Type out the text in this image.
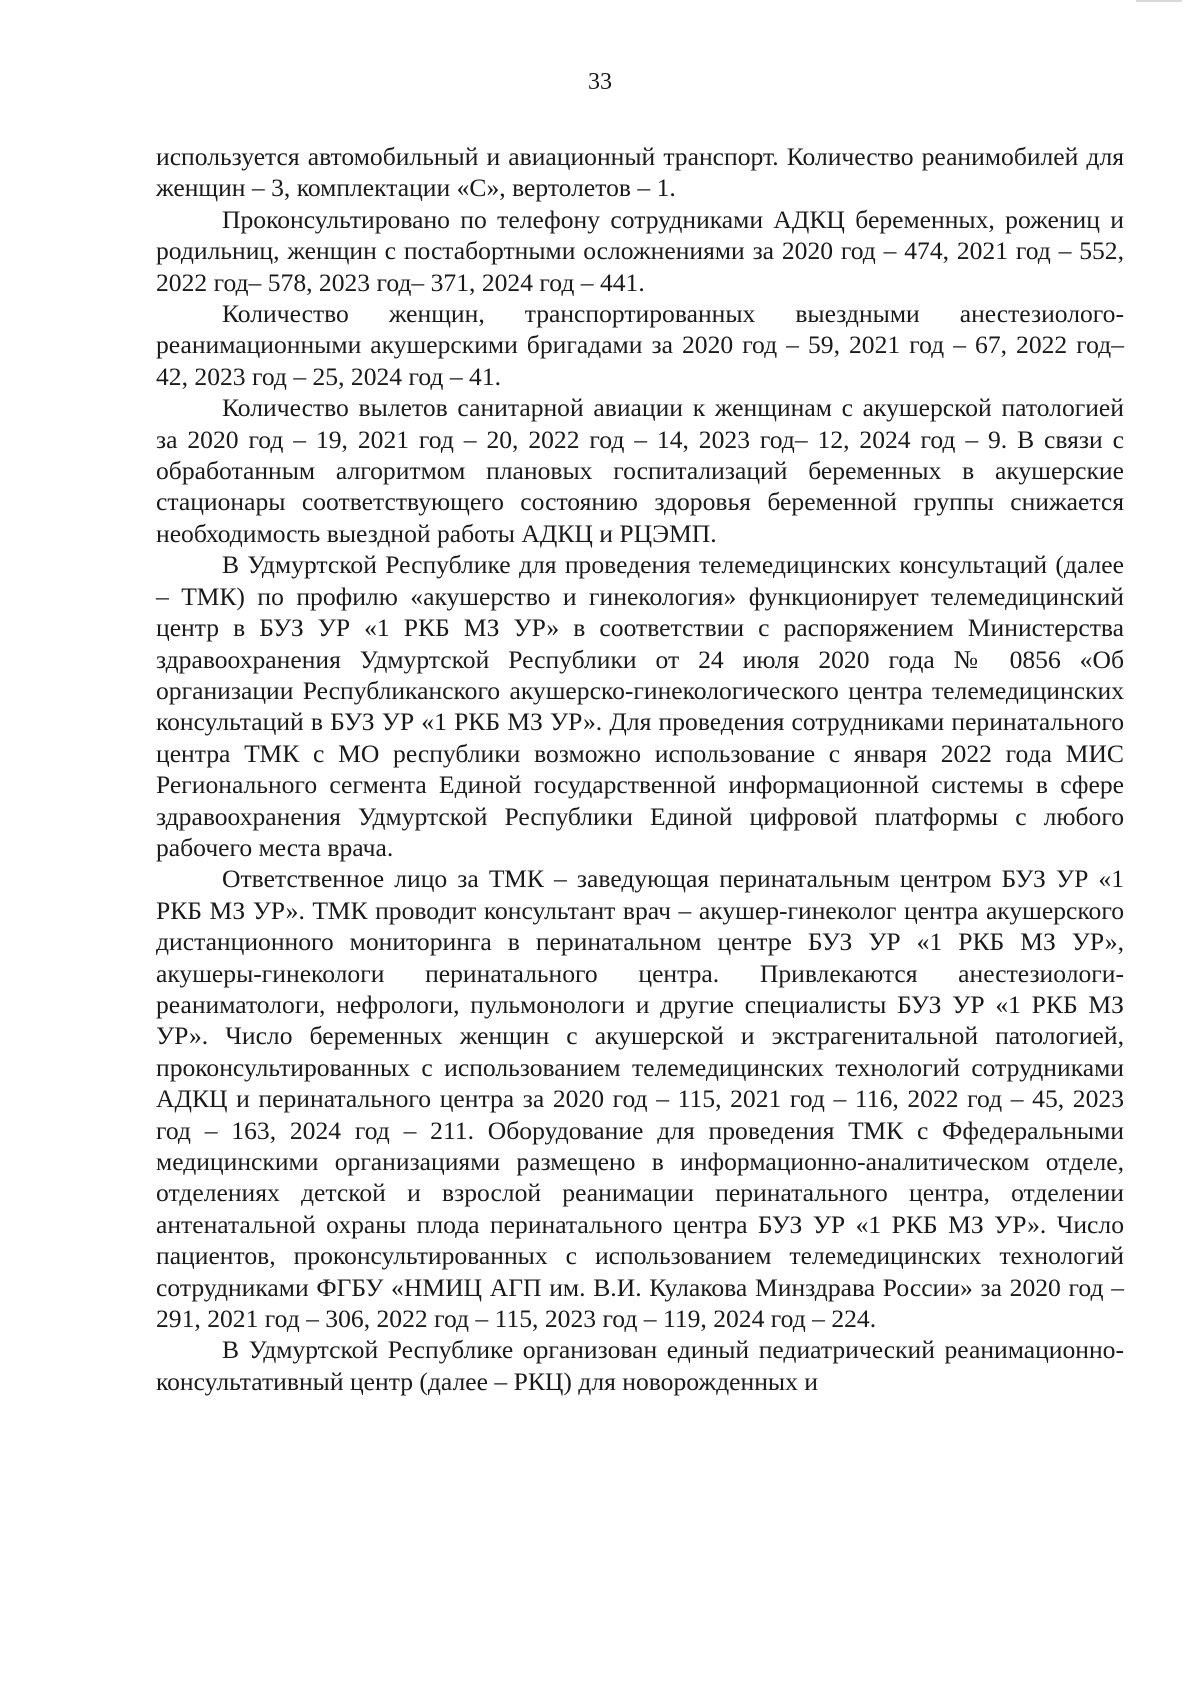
33

используется автомобильный и авиационный транспорт. Количество реанимобилей для женщин – 3, комплектации «С», вертолетов – 1.

Проконсультировано по телефону сотрудниками АДКЦ беременных, рожениц и родильниц, женщин с постабортными осложнениями за 2020 год – 474, 2021 год – 552, 2022 год– 578, 2023 год– 371, 2024 год – 441.

Количество женщин, транспортированных выездными анестезиолого-реанимационными акушерскими бригадами за 2020 год – 59, 2021 год – 67, 2022 год– 42, 2023 год – 25, 2024 год – 41.

Количество вылетов санитарной авиации к женщинам с акушерской патологией за 2020 год – 19, 2021 год – 20, 2022 год – 14, 2023 год– 12, 2024 год – 9. В связи с обработанным алгоритмом плановых госпитализаций беременных в акушерские стационары соответствующего состоянию здоровья беременной группы снижается необходимость выездной работы АДКЦ и РЦЭМП.

В Удмуртской Республике для проведения телемедицинских консультаций (далее – ТМК) по профилю «акушерство и гинекология» функционирует телемедицинский центр в БУЗ УР «1 РКБ МЗ УР» в соответствии с распоряжением Министерства здравоохранения Удмуртской Республики от 24 июля 2020 года № 0856 «Об организации Республиканского акушерско-гинекологического центра телемедицинских консультаций в БУЗ УР «1 РКБ МЗ УР». Для проведения сотрудниками перинатального центра ТМК с МО республики возможно использование с января 2022 года МИС Регионального сегмента Единой государственной информационной системы в сфере здравоохранения Удмуртской Республики Единой цифровой платформы с любого рабочего места врача.

Ответственное лицо за ТМК – заведующая перинатальным центром БУЗ УР «1 РКБ МЗ УР». ТМК проводит консультант врач – акушер-гинеколог центра акушерского дистанционного мониторинга в перинатальном центре БУЗ УР «1 РКБ МЗ УР», акушеры-гинекологи перинатального центра. Привлекаются анестезиологи-реаниматологи, нефрологи, пульмонологи и другие специалисты БУЗ УР «1 РКБ МЗ УР». Число беременных женщин с акушерской и экстрагенитальной патологией, проконсультированных с использованием телемедицинских технологий сотрудниками АДКЦ и перинатального центра за 2020 год – 115, 2021 год – 116, 2022 год – 45, 2023 год – 163, 2024 год – 211. Оборудование для проведения ТМК с Ффедеральными медицинскими организациями размещено в информационно-аналитическом отделе, отделениях детской и взрослой реанимации перинатального центра, отделении антенатальной охраны плода перинатального центра БУЗ УР «1 РКБ МЗ УР». Число пациентов, проконсультированных с использованием телемедицинских технологий сотрудниками ФГБУ «НМИЦ АГП им. В.И. Кулакова Минздрава России» за 2020 год – 291, 2021 год – 306, 2022 год – 115, 2023 год – 119, 2024 год – 224.

В Удмуртской Республике организован единый педиатрический реанимационно-консультативный центр (далее – РКЦ) для новорожденных и
